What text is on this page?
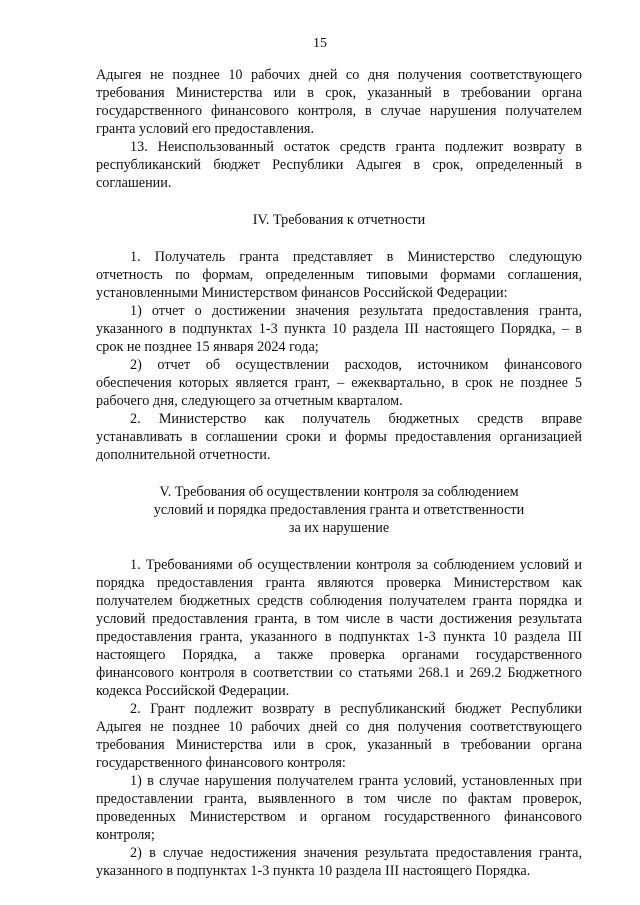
15

Адыгея не позднее 10 рабочих дней со дня получения соответствующего требования Министерства или в срок, указанный в требовании органа государственного финансового контроля, в случае нарушения получателем гранта условий его предоставления.

13. Неиспользованный остаток средств гранта подлежит возврату в республиканский бюджет Республики Адыгея в срок, определенный в соглашении.

IV. Требования к отчетности

1. Получатель гранта представляет в Министерство следующую отчетность по формам, определенным типовыми формами соглашения, установленными Министерством финансов Российской Федерации:

1) отчет о достижении значения результата предоставления гранта, указанного в подпунктах 1-3 пункта 10 раздела III настоящего Порядка, – в срок не позднее 15 января 2024 года;

2) отчет об осуществлении расходов, источником финансового обеспечения которых является грант, – ежеквартально, в срок не позднее 5 рабочего дня, следующего за отчетным кварталом.

2. Министерство как получатель бюджетных средств вправе устанавливать в соглашении сроки и формы предоставления организацией дополнительной отчетности.

V. Требования об осуществлении контроля за соблюдением

условий и порядка предоставления гранта и ответственности

за их нарушение

1. Требованиями об осуществлении контроля за соблюдением условий и порядка предоставления гранта являются проверка Министерством как получателем бюджетных средств соблюдения получателем гранта порядка и условий предоставления гранта, в том числе в части достижения результата предоставления гранта, указанного в подпунктах 1-3 пункта 10 раздела III настоящего Порядка, а также проверка органами государственного финансового контроля в соответствии со статьями 268.1 и 269.2 Бюджетного кодекса Российской Федерации.

2. Грант подлежит возврату в республиканский бюджет Республики Адыгея не позднее 10 рабочих дней со дня получения соответствующего требования Министерства или в срок, указанный в требовании органа государственного финансового контроля:

1) в случае нарушения получателем гранта условий, установленных при предоставлении гранта, выявленного в том числе по фактам проверок, проведенных Министерством и органом государственного финансового контроля;

2) в случае недостижения значения результата предоставления гранта, указанного в подпунктах 1-3 пункта 10 раздела III настоящего Порядка.
